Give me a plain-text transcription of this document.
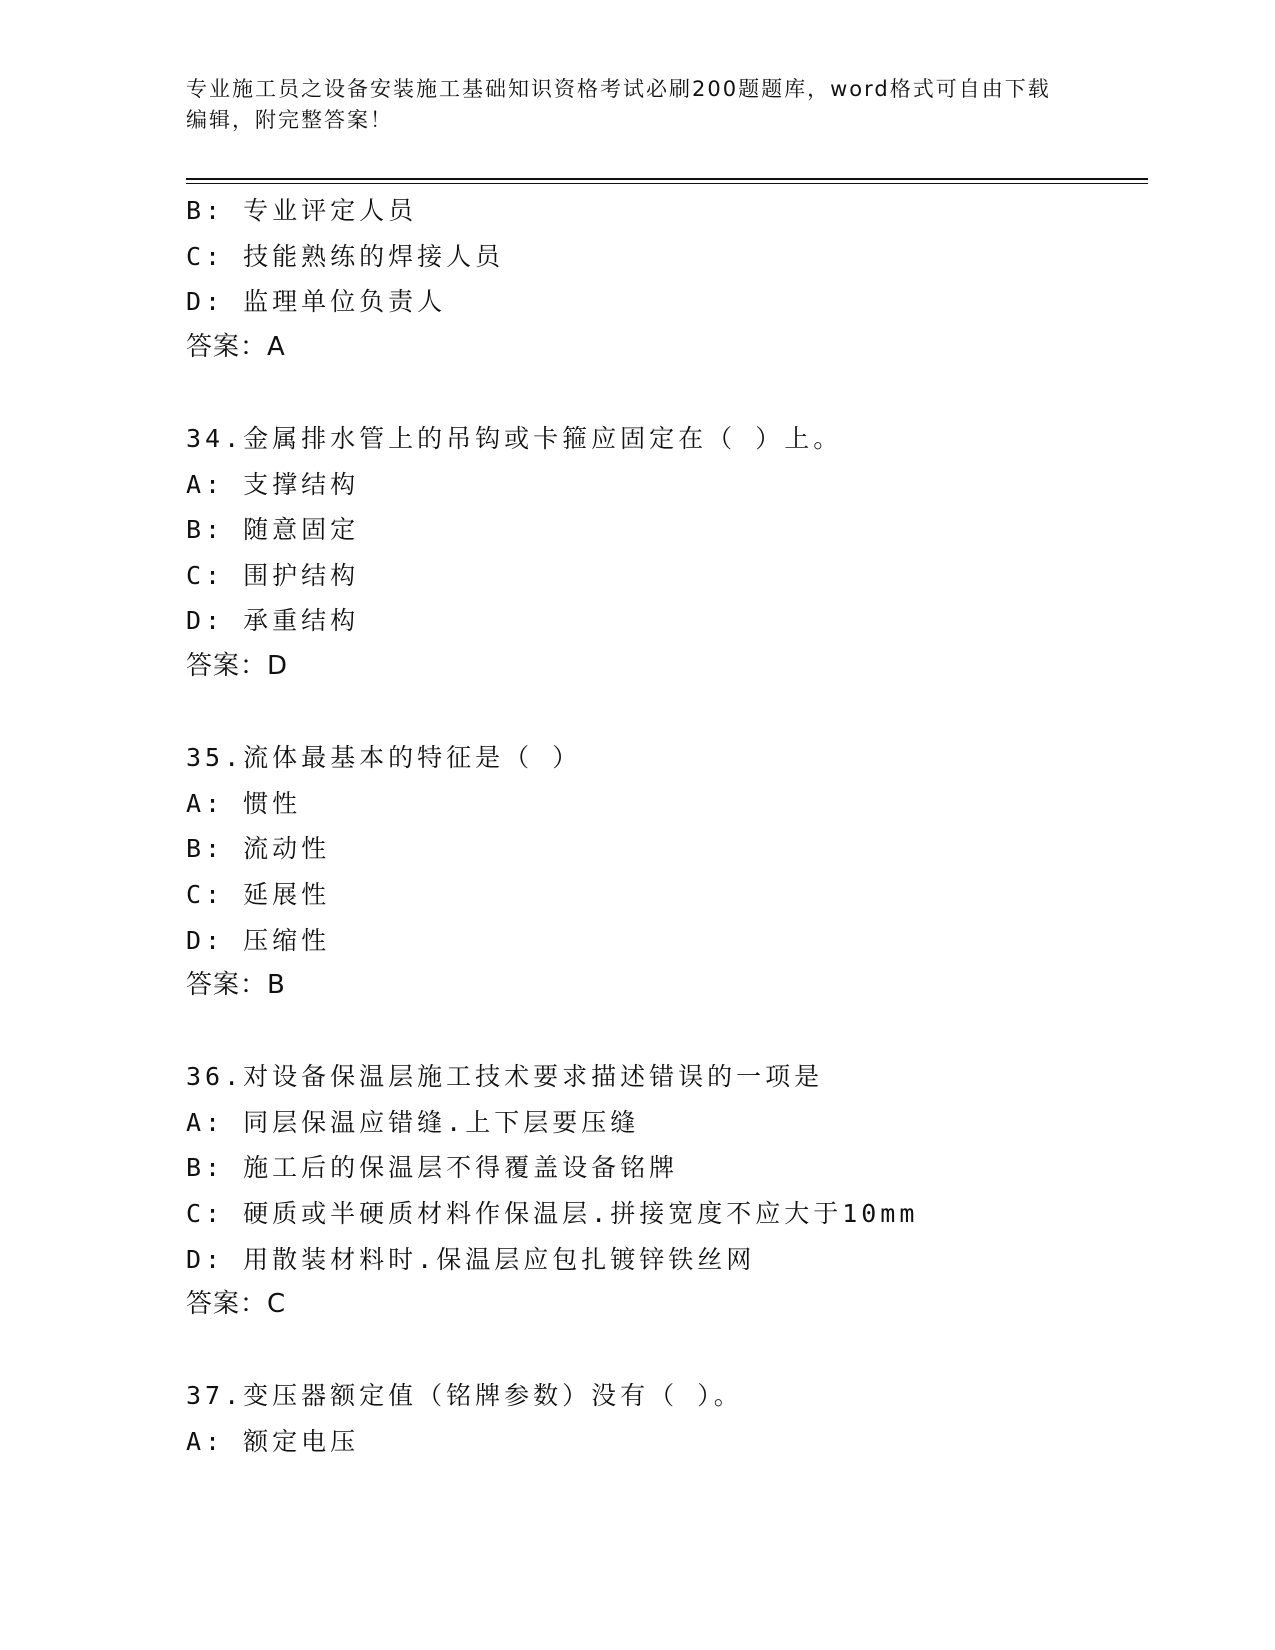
专业施工员之设备安装施工基础知识资格考试必刷200题题库，word格式可自由下载编辑，附完整答案！
B: 专业评定人员
C: 技能熟练的焊接人员
D: 监理单位负责人
答案：A
34.金属排水管上的吊钩或卡箍应固定在（ ）上。
A: 支撑结构
B: 随意固定
C: 围护结构
D: 承重结构
答案：D
35.流体最基本的特征是（ ）
A: 惯性
B: 流动性
C: 延展性
D: 压缩性
答案：B
36.对设备保温层施工技术要求描述错误的一项是
A: 同层保温应错缝.上下层要压缝
B: 施工后的保温层不得覆盖设备铭牌
C: 硬质或半硬质材料作保温层.拼接宽度不应大于10mm
D: 用散装材料时.保温层应包扎镀锌铁丝网
答案：C
37.变压器额定值（铭牌参数）没有（ ）。
A: 额定电压
